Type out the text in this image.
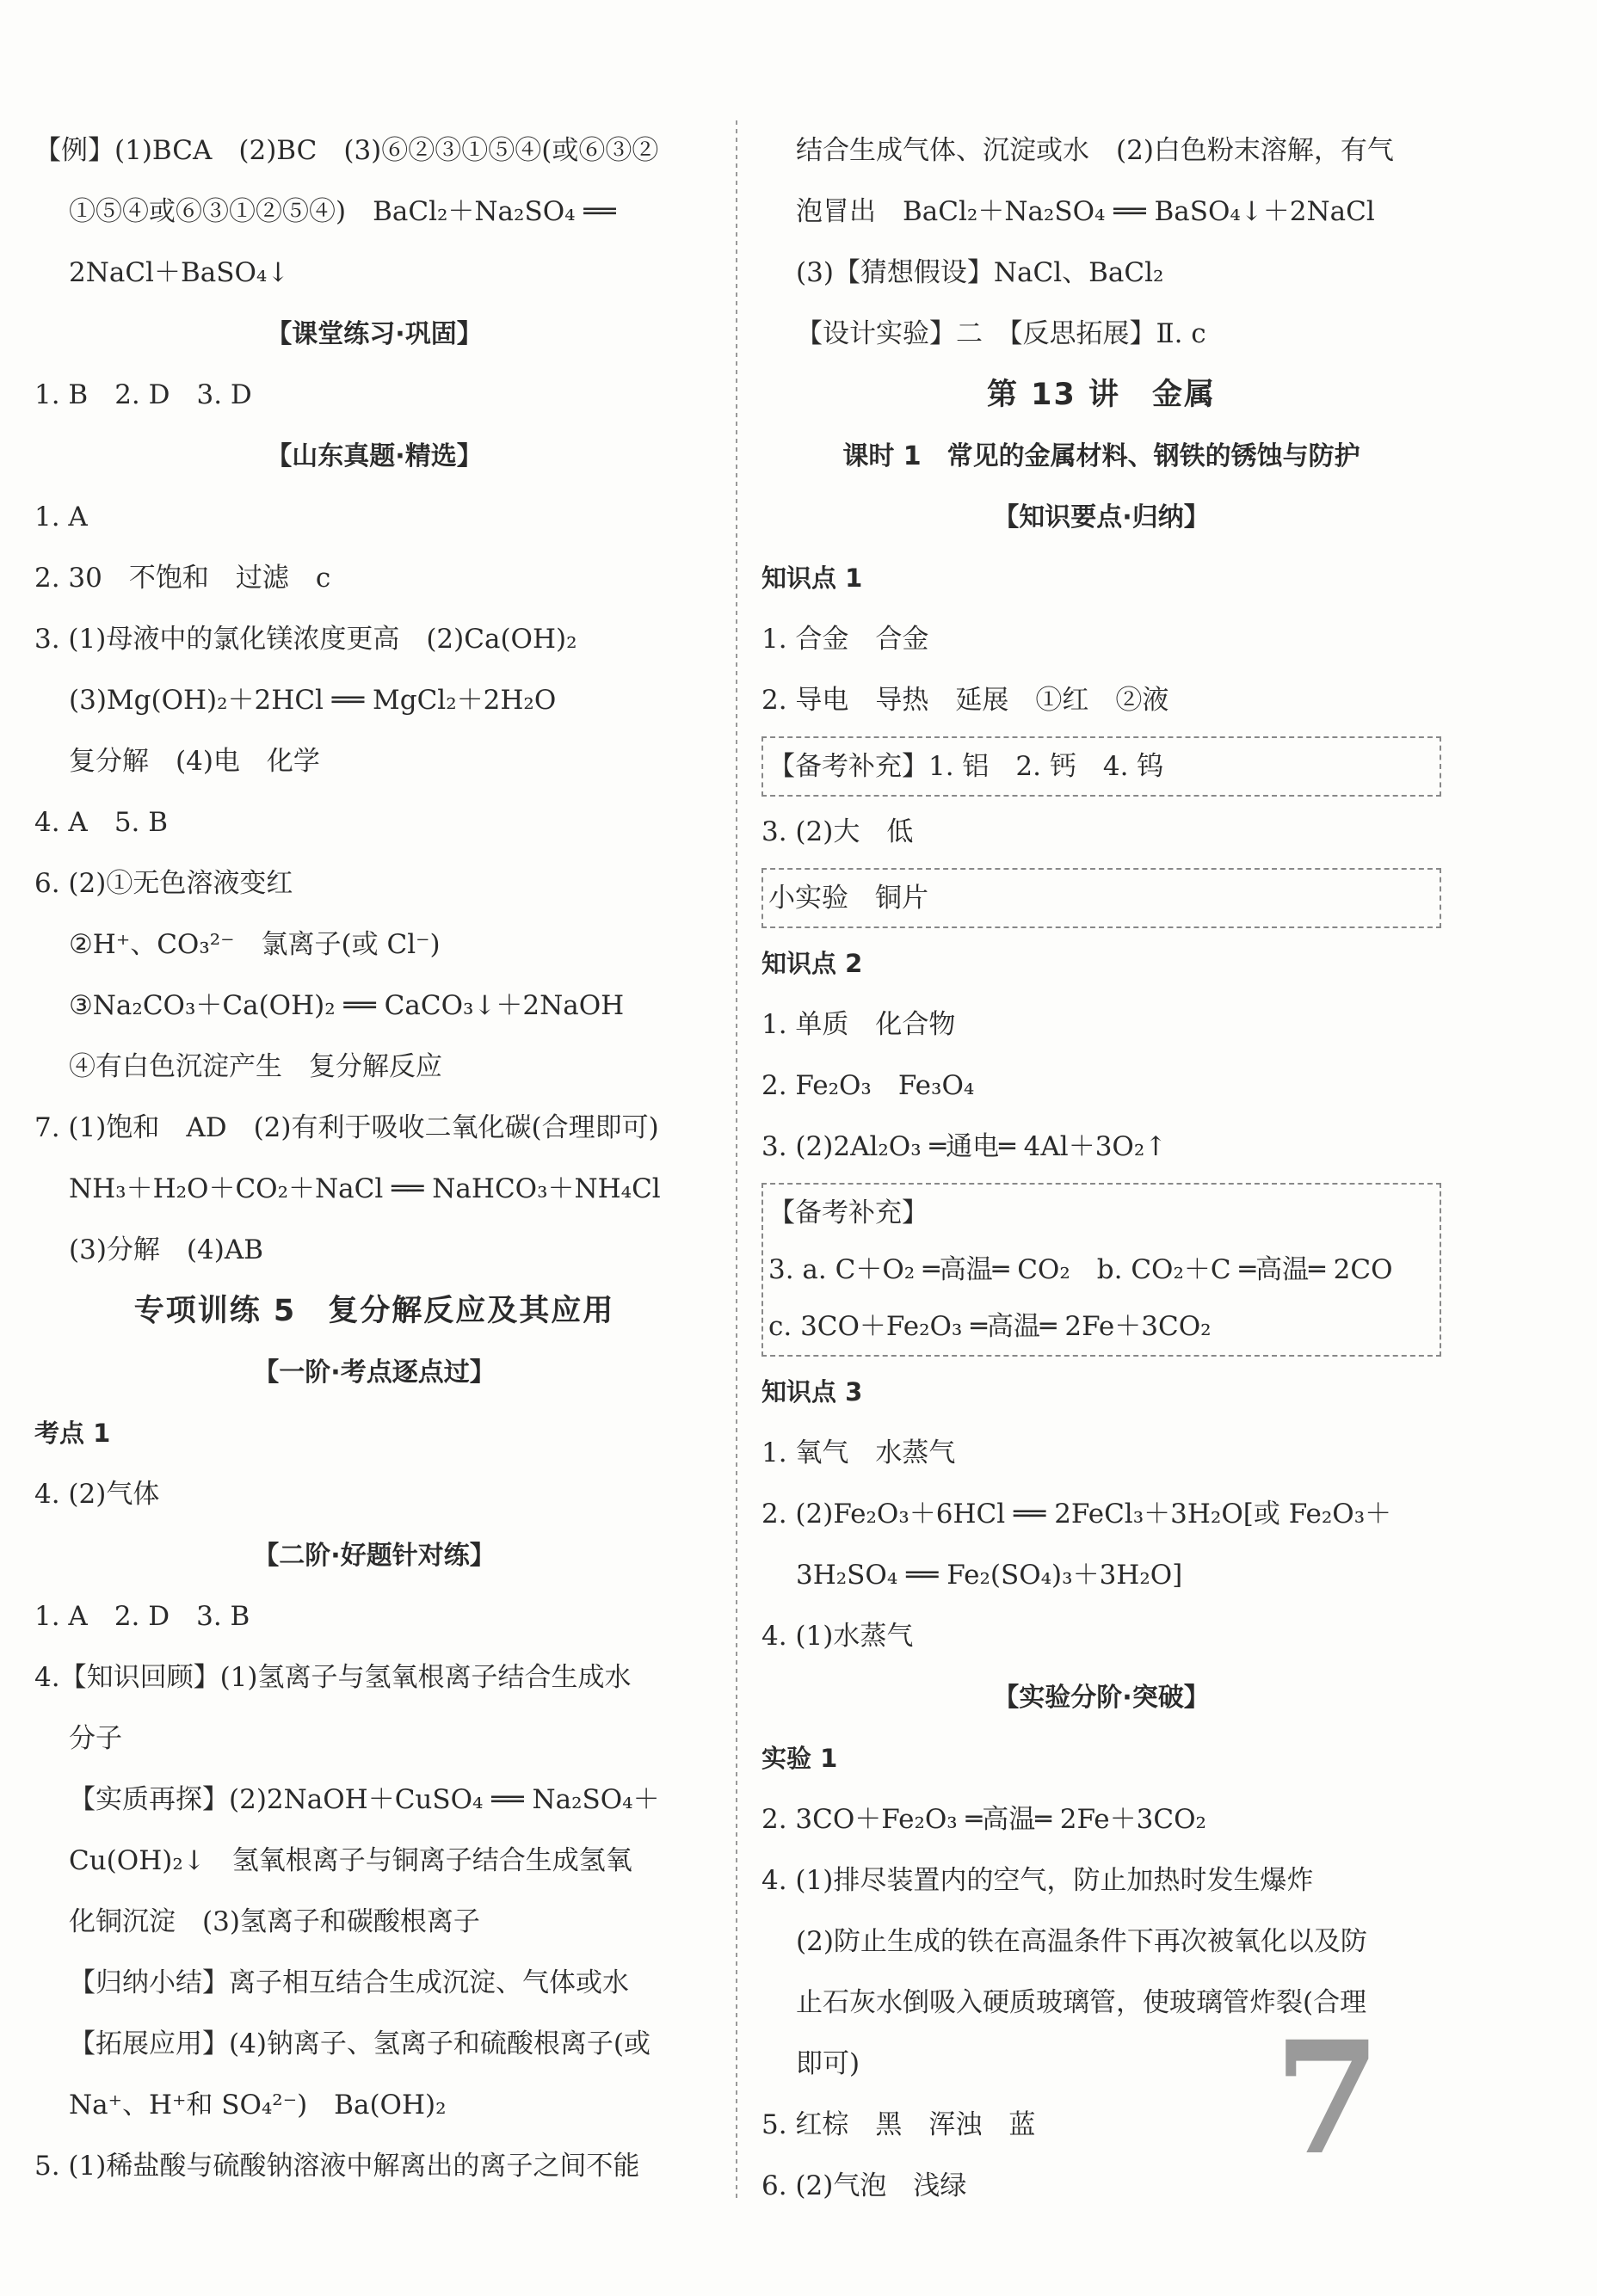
【例】(1)BCA　(2)BC　(3)⑥②③①⑤④(或⑥③②
①⑤④或⑥③①②⑤④)　BaCl₂＋Na₂SO₄ ══
2NaCl＋BaSO₄↓
【课堂练习·巩固】
1. B　2. D　3. D
【山东真题·精选】
1. A
2. 30　不饱和　过滤　c
3. (1)母液中的氯化镁浓度更高　(2)Ca(OH)₂
(3)Mg(OH)₂＋2HCl ══ MgCl₂＋2H₂O
复分解　(4)电　化学
4. A　5. B
6. (2)①无色溶液变红
②H⁺、CO₃²⁻　氯离子(或 Cl⁻)
③Na₂CO₃＋Ca(OH)₂ ══ CaCO₃↓＋2NaOH
④有白色沉淀产生　复分解反应
7. (1)饱和　AD　(2)有利于吸收二氧化碳(合理即可)
NH₃＋H₂O＋CO₂＋NaCl ══ NaHCO₃＋NH₄Cl
(3)分解　(4)AB
专项训练 5　复分解反应及其应用
【一阶·考点逐点过】
考点 1
4. (2)气体
【二阶·好题针对练】
1. A　2. D　3. B
4.【知识回顾】(1)氢离子与氢氧根离子结合生成水
分子
【实质再探】(2)2NaOH＋CuSO₄ ══ Na₂SO₄＋
Cu(OH)₂↓　氢氧根离子与铜离子结合生成氢氧
化铜沉淀　(3)氢离子和碳酸根离子
【归纳小结】离子相互结合生成沉淀、气体或水
【拓展应用】(4)钠离子、氢离子和硫酸根离子(或
Na⁺、H⁺和 SO₄²⁻)　Ba(OH)₂
5. (1)稀盐酸与硫酸钠溶液中解离出的离子之间不能
结合生成气体、沉淀或水　(2)白色粉末溶解，有气
泡冒出　BaCl₂＋Na₂SO₄ ══ BaSO₄↓＋2NaCl
(3)【猜想假设】NaCl、BaCl₂
【设计实验】二　【反思拓展】Ⅱ. c
第 13 讲　金属
课时 1　常见的金属材料、钢铁的锈蚀与防护
【知识要点·归纳】
知识点 1
1. 合金　合金
2. 导电　导热　延展　①红　②液
【备考补充】1. 铝　2. 钙　4. 钨
3. (2)大　低
小实验　铜片
知识点 2
1. 单质　化合物
2. Fe₂O₃　Fe₃O₄
3. (2)2Al₂O₃ ═通电═ 4Al＋3O₂↑
【备考补充】
3. a. C＋O₂ ═高温═ CO₂　b. CO₂＋C ═高温═ 2CO
c. 3CO＋Fe₂O₃ ═高温═ 2Fe＋3CO₂
知识点 3
1. 氧气　水蒸气
2. (2)Fe₂O₃＋6HCl ══ 2FeCl₃＋3H₂O[或 Fe₂O₃＋
3H₂SO₄ ══ Fe₂(SO₄)₃＋3H₂O]
4. (1)水蒸气
【实验分阶·突破】
实验 1
2. 3CO＋Fe₂O₃ ═高温═ 2Fe＋3CO₂
4. (1)排尽装置内的空气，防止加热时发生爆炸
(2)防止生成的铁在高温条件下再次被氧化以及防
止石灰水倒吸入硬质玻璃管，使玻璃管炸裂(合理
即可)
5. 红棕　黑　浑浊　蓝
6. (2)气泡　浅绿	7
